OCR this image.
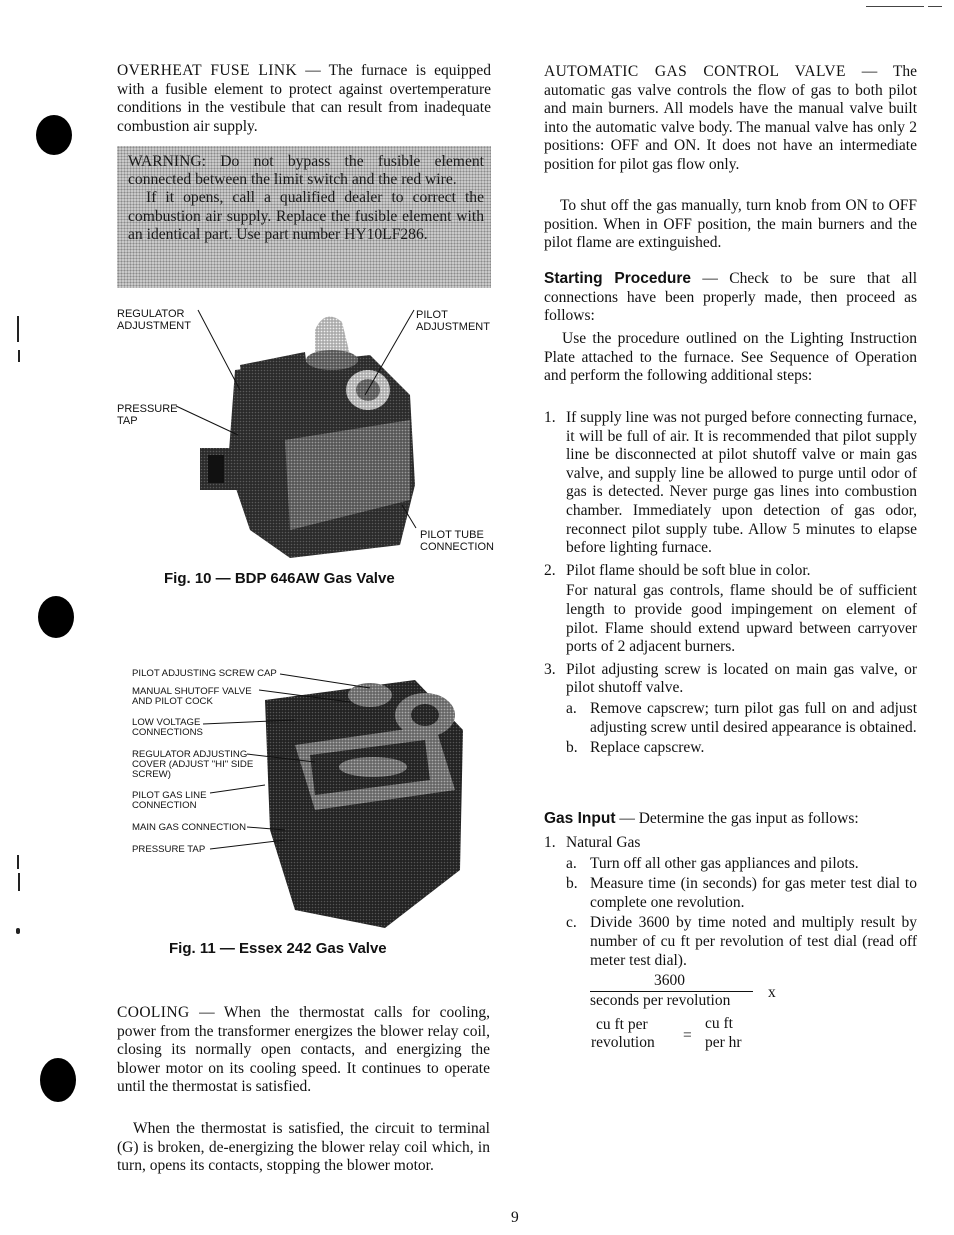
OVERHEAT FUSE LINK — The furnace is equipped with a fusible element to protect against overtemperature conditions in the vestibule that can result from inadequate combustion air supply.

WARNING: Do not bypass the fusible element connected between the limit switch and the red wire.

If it opens, call a qualified dealer to correct the combustion air supply. Replace the fusible element with an identical part. Use part number HY10LF286.

REGULATOR ADJUSTMENT
PILOT ADJUSTMENT
PRESSURE TAP
PILOT TUBE CONNECTION
Fig. 10 — BDP 646AW Gas Valve
PILOT ADJUSTING SCREW CAP
MANUAL SHUTOFF VALVE AND PILOT COCK
LOW VOLTAGE CONNECTIONS
REGULATOR ADJUSTING COVER (ADJUST "HI" SIDE SCREW)
PILOT GAS LINE CONNECTION
MAIN GAS CONNECTION
PRESSURE TAP
Fig. 11 — Essex 242 Gas Valve
COOLING — When the thermostat calls for cooling, power from the transformer energizes the blower relay coil, closing its normally open contacts, and energizing the blower motor on its cooling speed. It continues to operate until the thermostat is satisfied.
When the thermostat is satisfied, the circuit to terminal (G) is broken, de-energizing the blower relay coil which, in turn, opens its contacts, stopping the blower motor.
AUTOMATIC GAS CONTROL VALVE — The automatic gas valve controls the flow of gas to both pilot and main burners. All models have the manual valve built into the automatic valve body. The manual valve has only 2 positions: OFF and ON. It does not have an intermediate position for pilot gas flow only.
To shut off the gas manually, turn knob from ON to OFF position. When in OFF position, the main burners and the pilot flame are extinguished.
Starting Procedure — Check to be sure that all connections have been properly made, then proceed as follows:
Use the procedure outlined on the Lighting Instruction Plate attached to the furnace. See Sequence of Operation and perform the following additional steps:
1. If supply line was not purged before connecting furnace, it will be full of air. It is recommended that pilot supply line be disconnected at pilot shutoff valve or main gas valve, and supply line be allowed to purge until odor of gas is detected. Never purge gas lines into combustion chamber. Immediately upon detection of gas odor, reconnect pilot supply tube. Allow 5 minutes to elapse before lighting furnace.
2. Pilot flame should be soft blue in color.
For natural gas controls, flame should be of sufficient length to provide good impingement on element of pilot. Flame should extend upward between carryover ports of 2 adjacent burners.
3. Pilot adjusting screw is located on main gas valve, or pilot shutoff valve.
a. Remove capscrew; turn pilot gas full on and adjust adjusting screw until desired appearance is obtained.
b. Replace capscrew.
Gas Input — Determine the gas input as follows:
1. Natural Gas
a. Turn off all other gas appliances and pilots.
b. Measure time (in seconds) for gas meter test dial to complete one revolution.
c. Divide 3600 by time noted and multiply result by number of cu ft per revolution of test dial (read off meter test dial).
3600
seconds per revolution x
cu ft per
revolution =
cu ft
per hr
9
